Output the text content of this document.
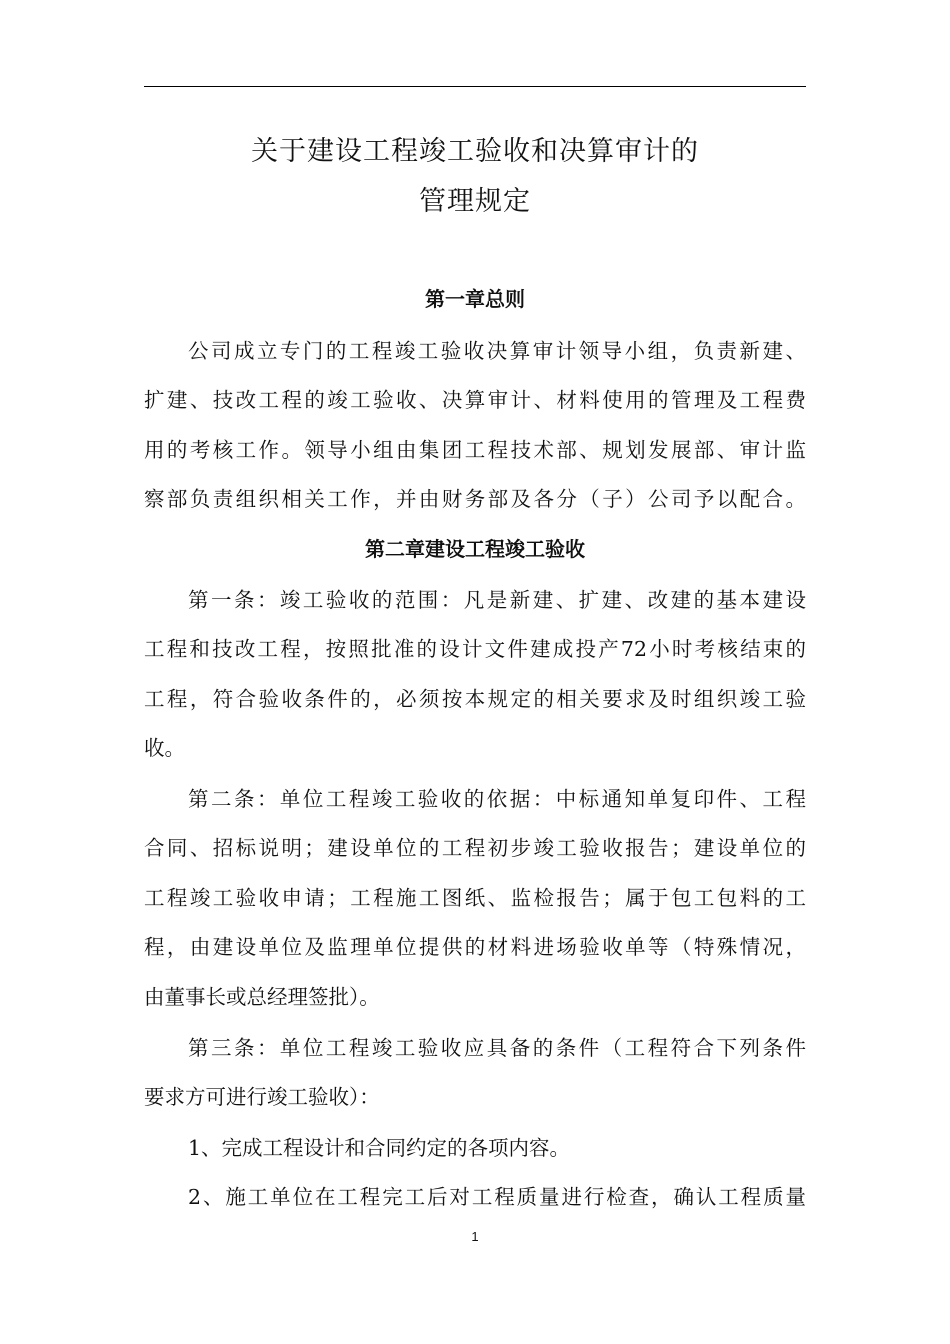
关于建设工程竣工验收和决算审计的
管理规定
第一章总则
公司成立专门的工程竣工验收决算审计领导小组，负责新建、
扩建、技改工程的竣工验收、决算审计、材料使用的管理及工程费
用的考核工作。领导小组由集团工程技术部、规划发展部、审计监
察部负责组织相关工作，并由财务部及各分（子）公司予以配合。
第二章建设工程竣工验收
第一条：竣工验收的范围：凡是新建、扩建、改建的基本建设
工程和技改工程，按照批准的设计文件建成投产72小时考核结束的
工程，符合验收条件的，必须按本规定的相关要求及时组织竣工验
收。
第二条：单位工程竣工验收的依据：中标通知单复印件、工程
合同、招标说明；建设单位的工程初步竣工验收报告；建设单位的
工程竣工验收申请；工程施工图纸、监检报告；属于包工包料的工
程，由建设单位及监理单位提供的材料进场验收单等（特殊情况，
由董事长或总经理签批）。
第三条：单位工程竣工验收应具备的条件（工程符合下列条件
要求方可进行竣工验收）：
1、完成工程设计和合同约定的各项内容。
2、施工单位在工程完工后对工程质量进行检查，确认工程质量
1
